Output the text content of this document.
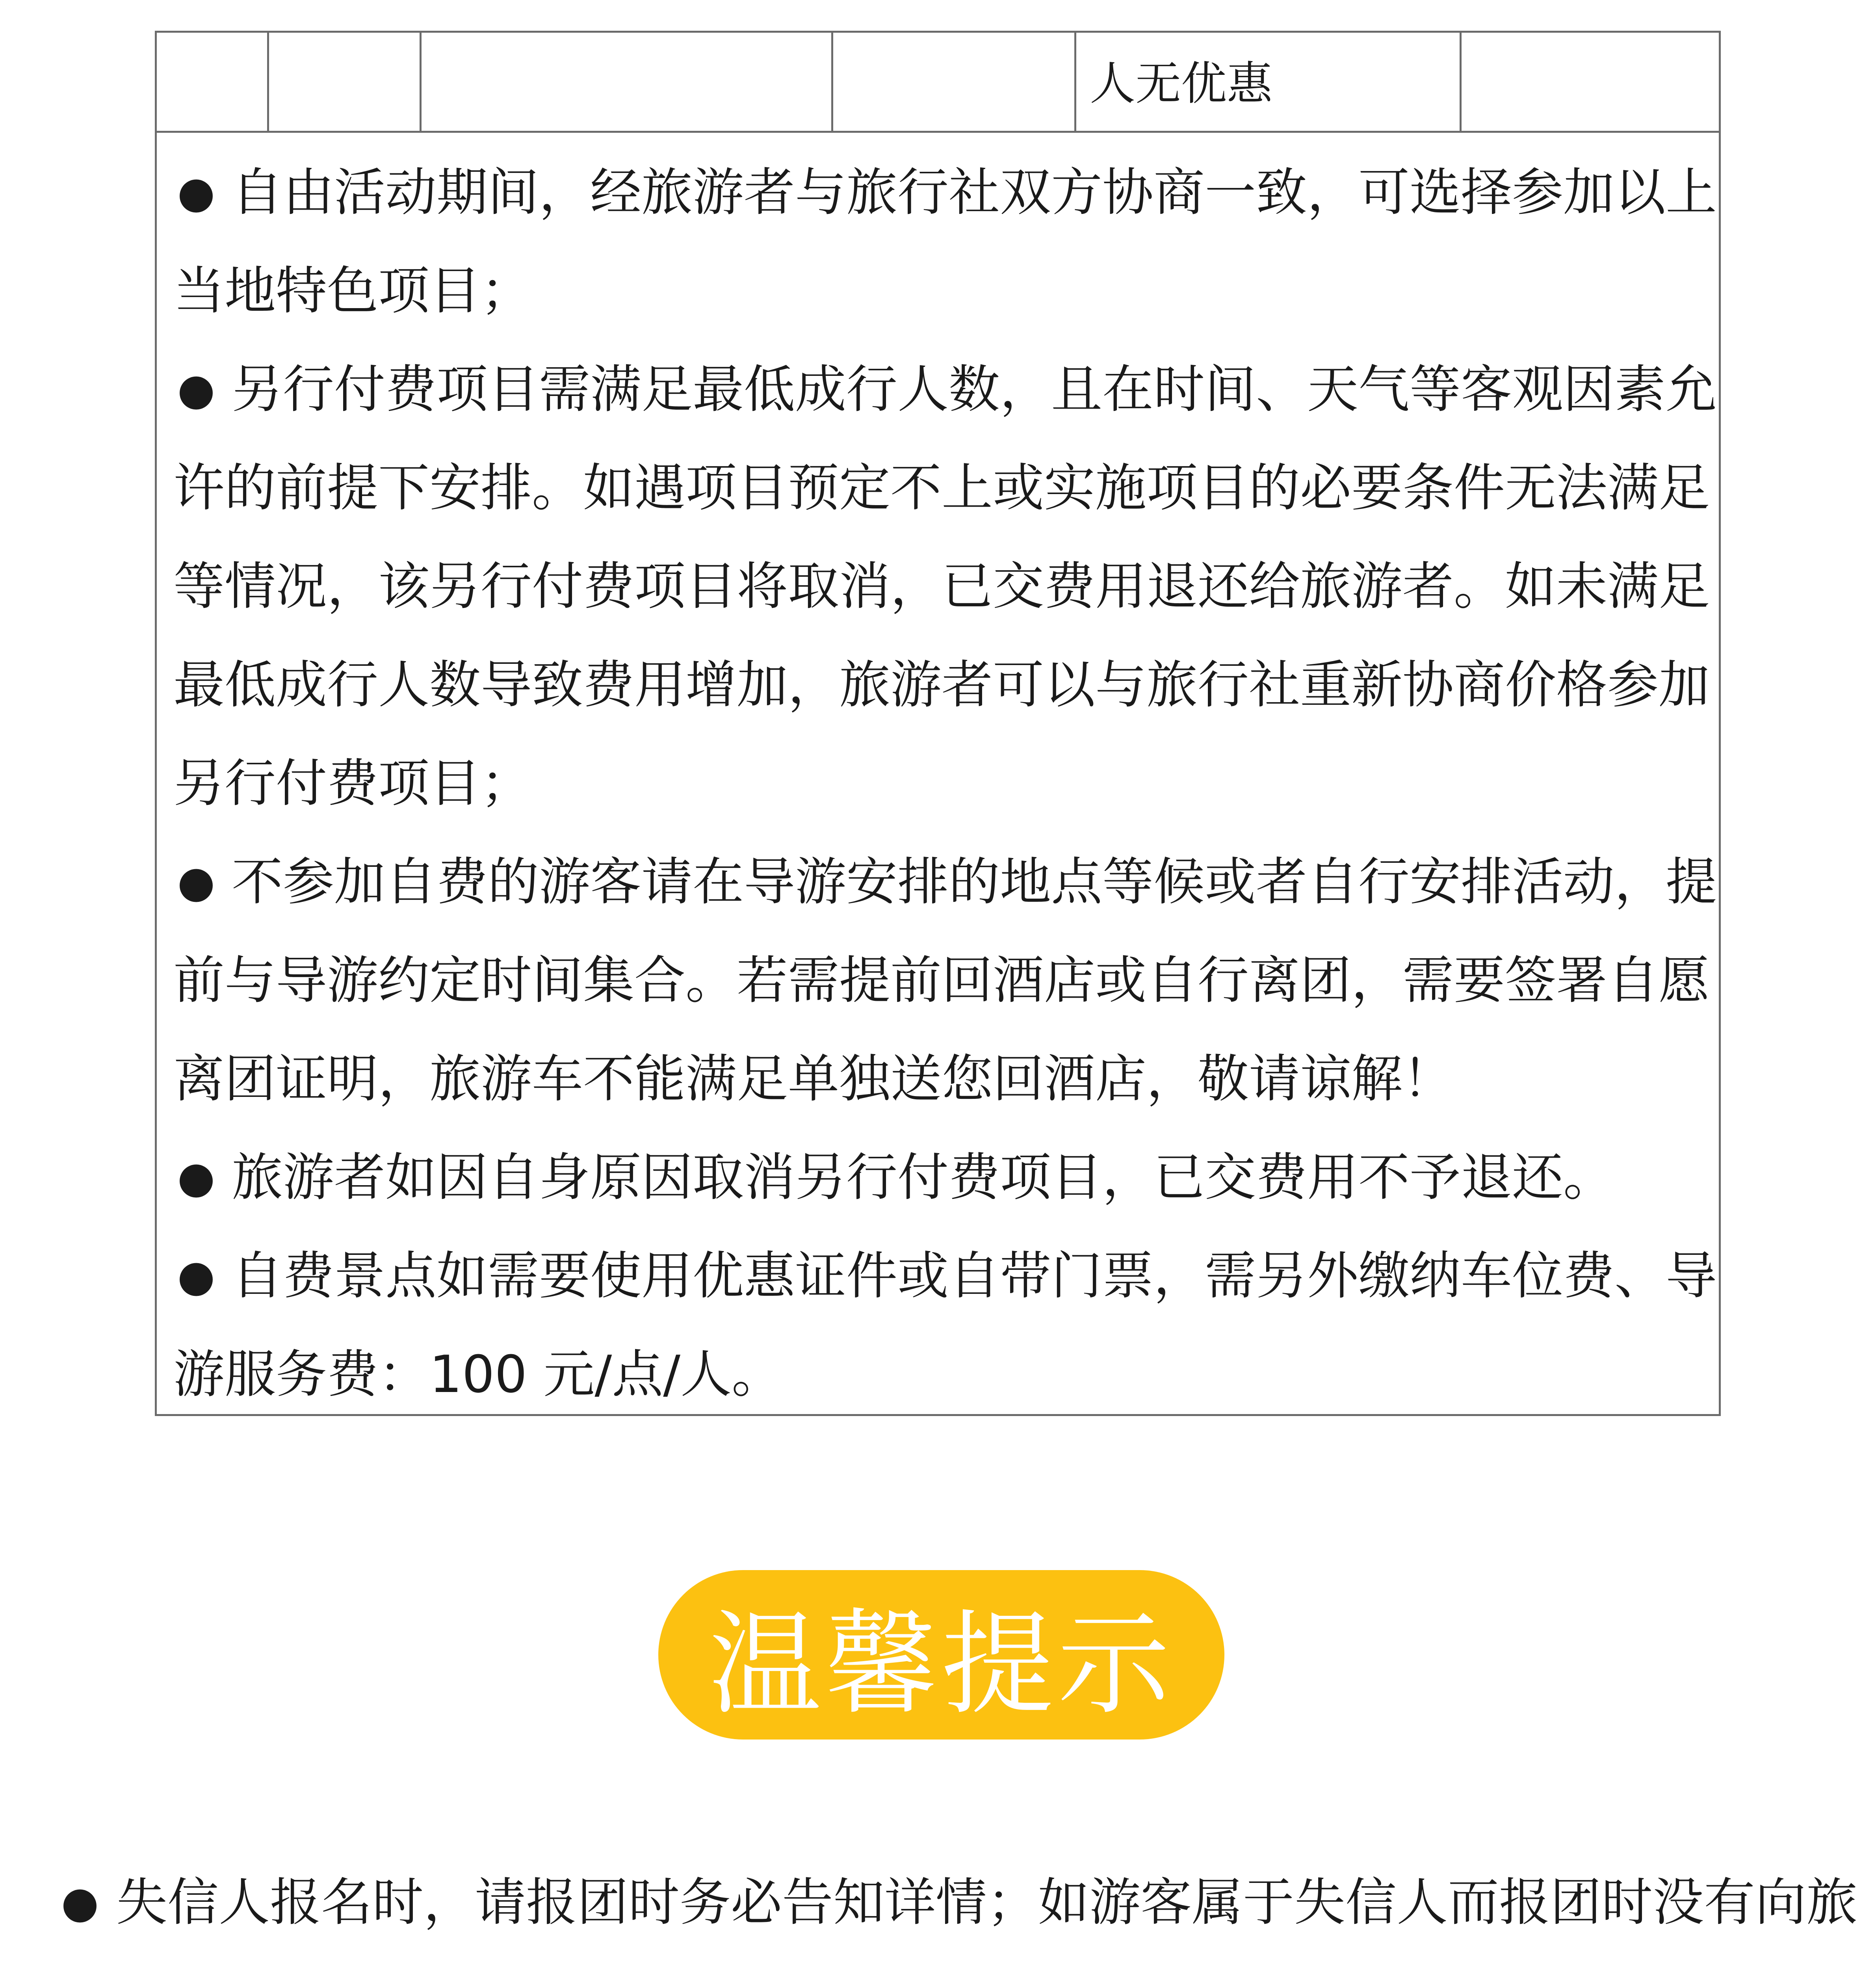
人无优惠
● 自由活动期间，经旅游者与旅行社双方协商一致，可选择参加以上
当地特色项目；
● 另行付费项目需满足最低成行人数，且在时间、天气等客观因素允
许的前提下安排。如遇项目预定不上或实施项目的必要条件无法满足
等情况，该另行付费项目将取消，已交费用退还给旅游者。如未满足
最低成行人数导致费用增加，旅游者可以与旅行社重新协商价格参加
另行付费项目；
● 不参加自费的游客请在导游安排的地点等候或者自行安排活动，提
前与导游约定时间集合。若需提前回酒店或自行离团，需要签署自愿
离团证明，旅游车不能满足单独送您回酒店，敬请谅解！
● 旅游者如因自身原因取消另行付费项目，已交费用不予退还。
● 自费景点如需要使用优惠证件或自带门票，需另外缴纳车位费、导
游服务费：100 元/点/人。
温馨提示
● 失信人报名时，请报团时务必告知详情；如游客属于失信人而报团时没有向旅
